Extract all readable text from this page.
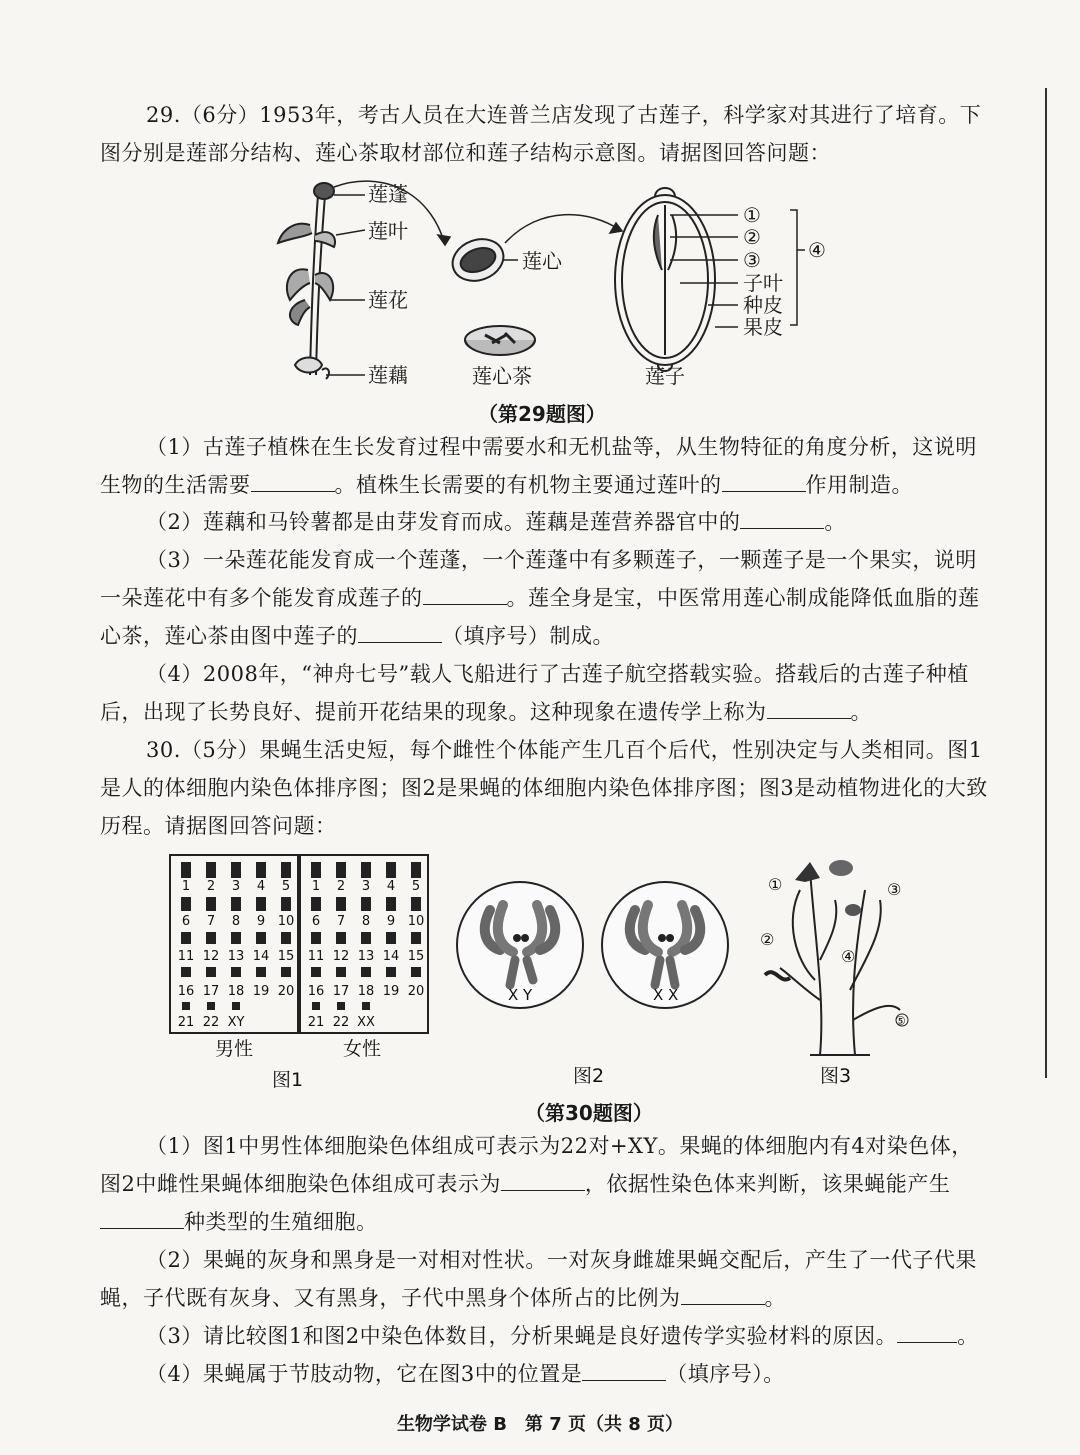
29.（6分）1953年，考古人员在大连普兰店发现了古莲子，科学家对其进行了培育。下图分别是莲部分结构、莲心茶取材部位和莲子结构示意图。请据图回答问题：
莲蓬
莲叶
莲花
莲藕
莲心
莲心茶
①
②
③
子叶
种皮
果皮
④
莲子
（第29题图）
（1）古莲子植株在生长发育过程中需要水和无机盐等，从生物特征的角度分析，这说明生物的生活需要	。植株生长需要的有机物主要通过莲叶的	作用制造。
（2）莲藕和马铃薯都是由芽发育而成。莲藕是莲营养器官中的	。
（3）一朵莲花能发育成一个莲蓬，一个莲蓬中有多颗莲子，一颗莲子是一个果实，说明一朵莲花中有多个能发育成莲子的	。莲全身是宝，中医常用莲心制成能降低血脂的莲心茶，莲心茶由图中莲子的	（填序号）制成。
（4）2008年，“神舟七号”载人飞船进行了古莲子航空搭载实验。搭载后的古莲子种植后，出现了长势良好、提前开花结果的现象。这种现象在遗传学上称为	。
30.（5分）果蝇生活史短，每个雌性个体能产生几百个后代，性别决定与人类相同。图1是人的体细胞内染色体排序图；图2是果蝇的体细胞内染色体排序图；图3是动植物进化的大致历程。请据图回答问题：
1 2 3 4 5
6 7 8 9 10
11 12 13 14 15
16 17 18 19 20
21 22 XY
1 2 3 4 5
6 7 8 9 10
11 12 13 14 15
16 17 18 19 20
21 22 XX
男性	女性
图1
X Y	X X
图2
①
②
③
④
⑤
图3
（第30题图）
（1）图1中男性体细胞染色体组成可表示为22对+XY。果蝇的体细胞内有4对染色体，图2中雌性果蝇体细胞染色体组成可表示为	，依据性染色体来判断，该果蝇能产生种类型的生殖细胞。
（2）果蝇的灰身和黑身是一对相对性状。一对灰身雌雄果蝇交配后，产生了一代子代果蝇，子代既有灰身、又有黑身，子代中黑身个体所占的比例为	。
（3）请比较图1和图2中染色体数目，分析果蝇是良好遗传学实验材料的原因。	。
（4）果蝇属于节肢动物，它在图3中的位置是	（填序号）。
生物学试卷 B　第 7 页（共 8 页）
